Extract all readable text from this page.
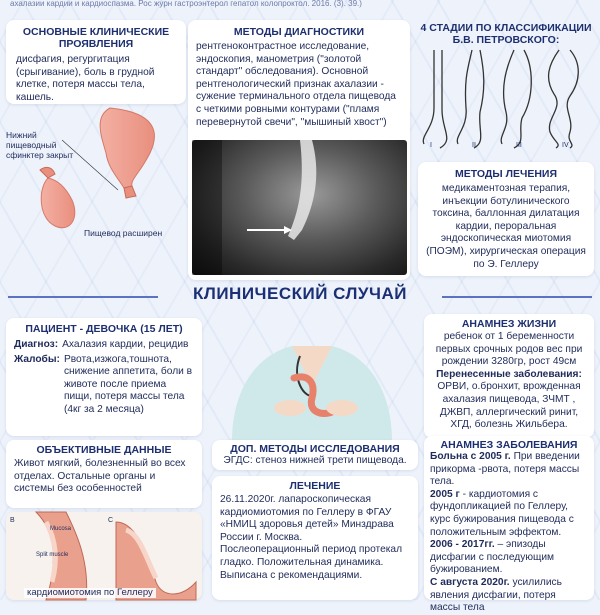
ахалазии кардии и кардиоспазма. Рос журн гастроэнтерол гепатол колопроктол. 2016. (3). 39.)
ОСНОВНЫЕ КЛИНИЧЕСКИЕ ПРОЯВЛЕНИЯ
дисфагия, регургитация (срыгивание), боль в грудной клетке, потеря массы тела, кашель.
Нижний пищеводный сфинктер закрыт
Пищевод расширен
МЕТОДЫ ДИАГНОСТИКИ
рентгеноконтрастное исследование, эндоскопия, манометрия ("золотой стандарт" обследования). Основной рентгенологический признак ахалазии - сужение терминального отдела пищевода с четкими ровными контурами ("пламя перевернутой свечи", "мышиный хвост")
4 СТАДИИ ПО КЛАССИФИКАЦИИ Б.В. ПЕТРОВСКОГО:
I	II	III	IV
МЕТОДЫ ЛЕЧЕНИЯ
медикаментозная терапия, инъекции ботулинического токсина, баллонная дилатация кардии, пероральная эндоскопическая миотомия (ПОЭМ), хирургическая операция по Э. Геллеру
КЛИНИЧЕСКИЙ СЛУЧАЙ
ПАЦИЕНТ - ДЕВОЧКА (15 ЛЕТ)
Диагноз: Ахалазия кардии, рецидив
Жалобы: Рвота,изжога,тошнота, снижение аппетита, боли в животе после приема пищи, потеря массы тела (4кг за 2 месяца)
ОБЪЕКТИВНЫЕ ДАННЫЕ
Живот мягкий, болезненный во всех отделах. Остальные органы и системы без особенностей
ДОП. МЕТОДЫ ИССЛЕДОВАНИЯ
ЭГДС: стеноз нижней трети пищевода.
ЛЕЧЕНИЕ
26.11.2020г. лапароскопическая кардиомиотомия по Геллеру в ФГАУ «НМИЦ здоровья детей» Минздрава России г. Москва.
Послеоперационный период протекал гладко. Положительная динамика.
Выписана с рекомендациями.
B	C
Mucosa
Split muscle
кардиомиотомия по Геллеру
АНАМНЕЗ ЖИЗНИ
ребенок от 1 беременности первых срочных родов вес при рождении 3280гр, рост 49см
Перенесенные заболевания:
ОРВИ, о.бронхит, врожденная ахалазия пищевода, ЗЧМТ , ДЖВП, аллергический ринит, ХГД, болезнь Жильбера.
АНАМНЕЗ ЗАБОЛЕВАНИЯ
Больна с 2005 г. При введении прикорма -рвота, потеря массы тела.
2005 г - кардиотомия с фундопликацией по Геллеру, курс бужирования пищевода с положительным эффектом.
2006 - 2017гг. – эпизоды дисфагии с последующим бужированием.
С августа 2020г. усилились явления дисфагии, потеря массы тела
